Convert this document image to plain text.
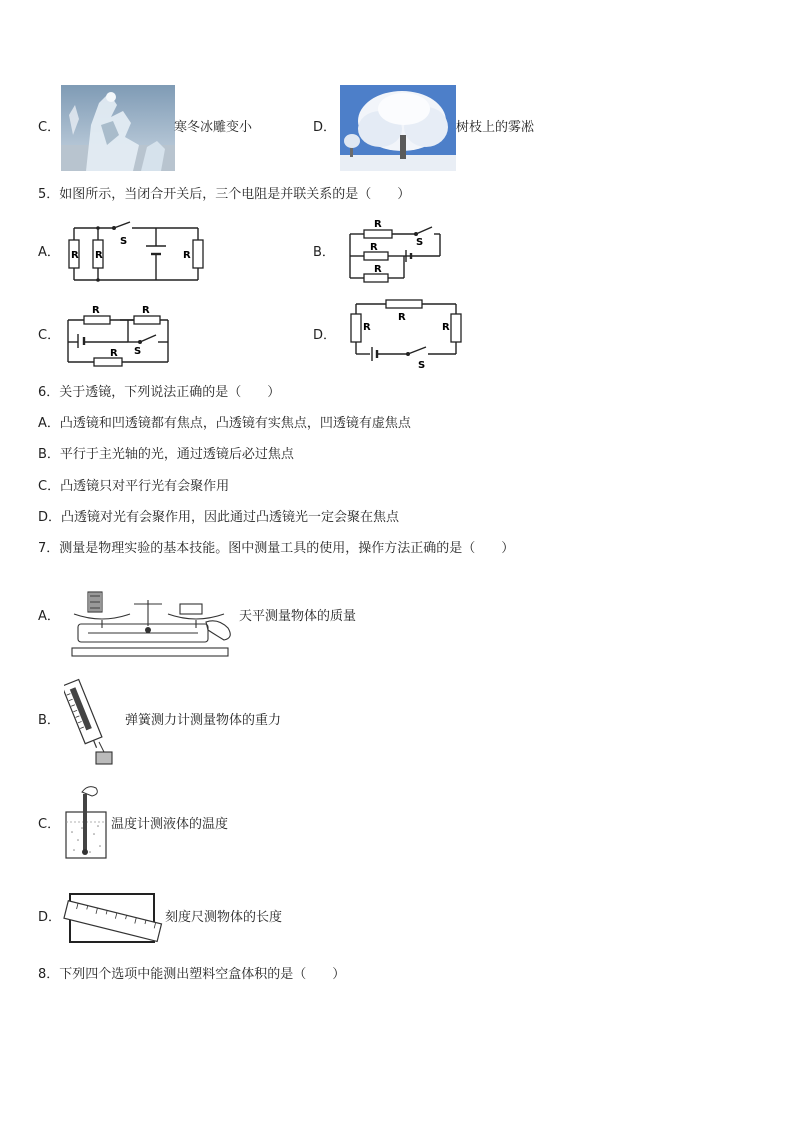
C．	寒冬冰雕变小	D．	树枝上的雾凇
5．如图所示，当闭合开关后，三个电阻是并联关系的是（　　）
A．
S
R R	R	B．
R
R
R
S
C．
R	R
R S
D．
R
R	R
S
6．关于透镜，下列说法正确的是（　　）
A．凸透镜和凹透镜都有焦点，凸透镜有实焦点，凹透镜有虚焦点
B．平行于主光轴的光，通过透镜后必过焦点
C．凸透镜只对平行光有会聚作用
D．凸透镜对光有会聚作用，因此通过凸透镜光一定会聚在焦点
7．测量是物理实验的基本技能。图中测量工具的使用，操作方法正确的是（　　）
A．	天平测量物体的质量
B．	弹簧测力计测量物体的重力
C．	温度计测液体的温度
D．	刻度尺测物体的长度
8．下列四个选项中能测出塑料空盒体积的是（　　）
